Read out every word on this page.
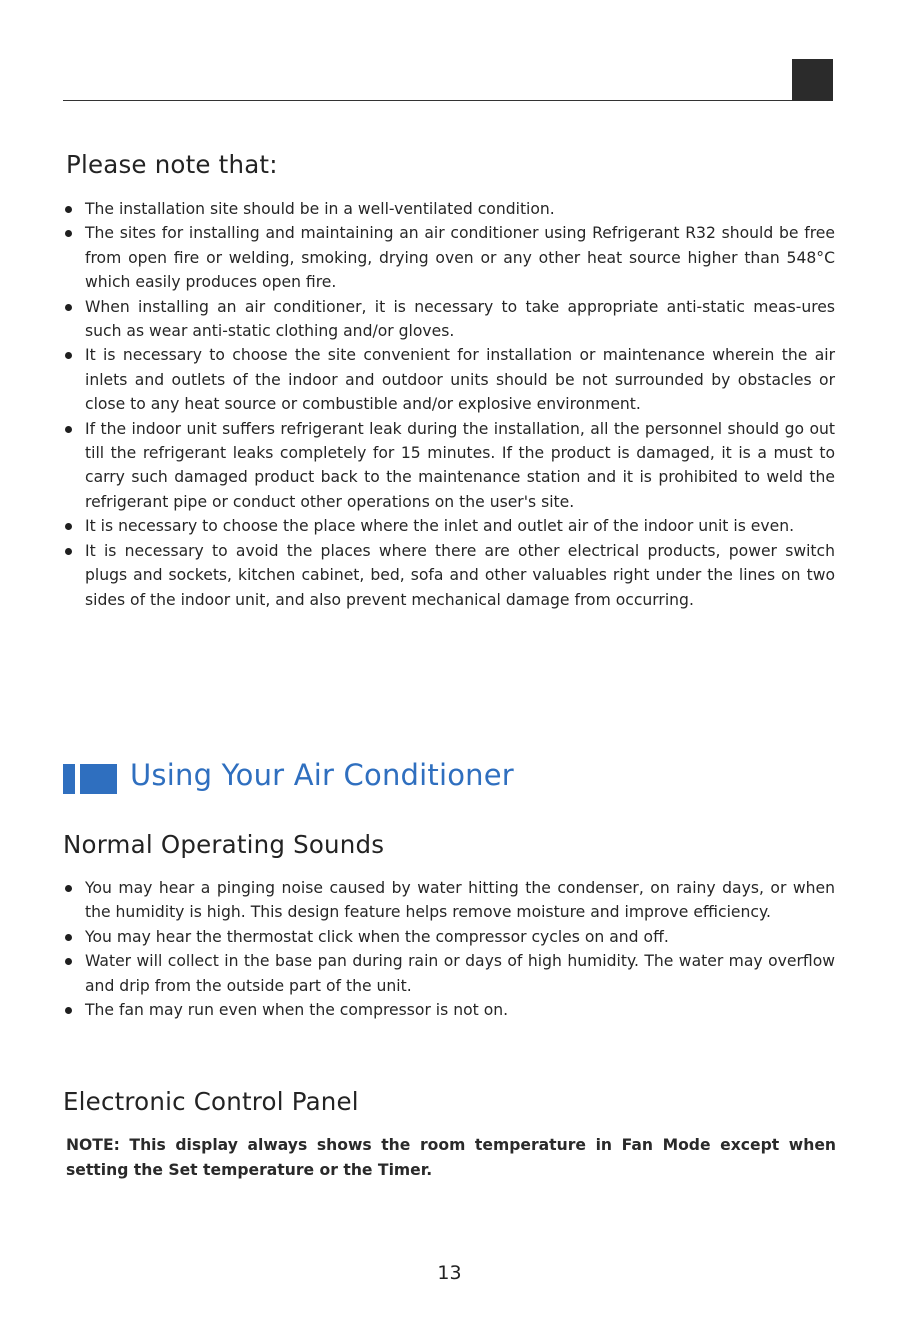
Please note that:
The installation site should be in a well-ventilated condition.
The sites for installing and maintaining an air conditioner using Refrigerant R32 should be free from open fire or welding, smoking, drying oven or any other heat source higher than 548°C which easily produces open fire.
When installing an air conditioner, it is necessary to take appropriate anti-static meas-ures such as wear anti-static clothing and/or gloves.
It is necessary to choose the site convenient for installation or maintenance wherein the air inlets and outlets of the indoor and outdoor units should be not surrounded by obstacles or close to any heat source or combustible and/or explosive environment.
If the indoor unit suffers refrigerant leak during the installation, all the personnel should go out till the refrigerant leaks completely for 15 minutes. If the product is damaged, it is a must to carry such damaged product back to the maintenance station and it is prohibited to weld the refrigerant pipe or conduct other operations on the user's site.
It is necessary to choose the place where the inlet and outlet air of the indoor unit is even.
It is necessary to avoid the places where there are other electrical products, power switch plugs and sockets, kitchen cabinet, bed, sofa and other valuables right under the lines on two sides of the indoor unit, and also prevent mechanical damage from occurring.
Using Your Air Conditioner
Normal Operating Sounds
You may hear a pinging noise caused by water hitting the condenser, on rainy days, or when the humidity is high. This design feature helps remove moisture and improve efficiency.
You may hear the thermostat click when the compressor cycles on and off.
Water will collect in the base pan during rain or days of high humidity. The water may overflow and drip from the outside part of the unit.
The fan may run even when the compressor is not on.
Electronic Control Panel

NOTE: This display always shows the room temperature in Fan Mode except when setting the Set temperature or the Timer.

13
